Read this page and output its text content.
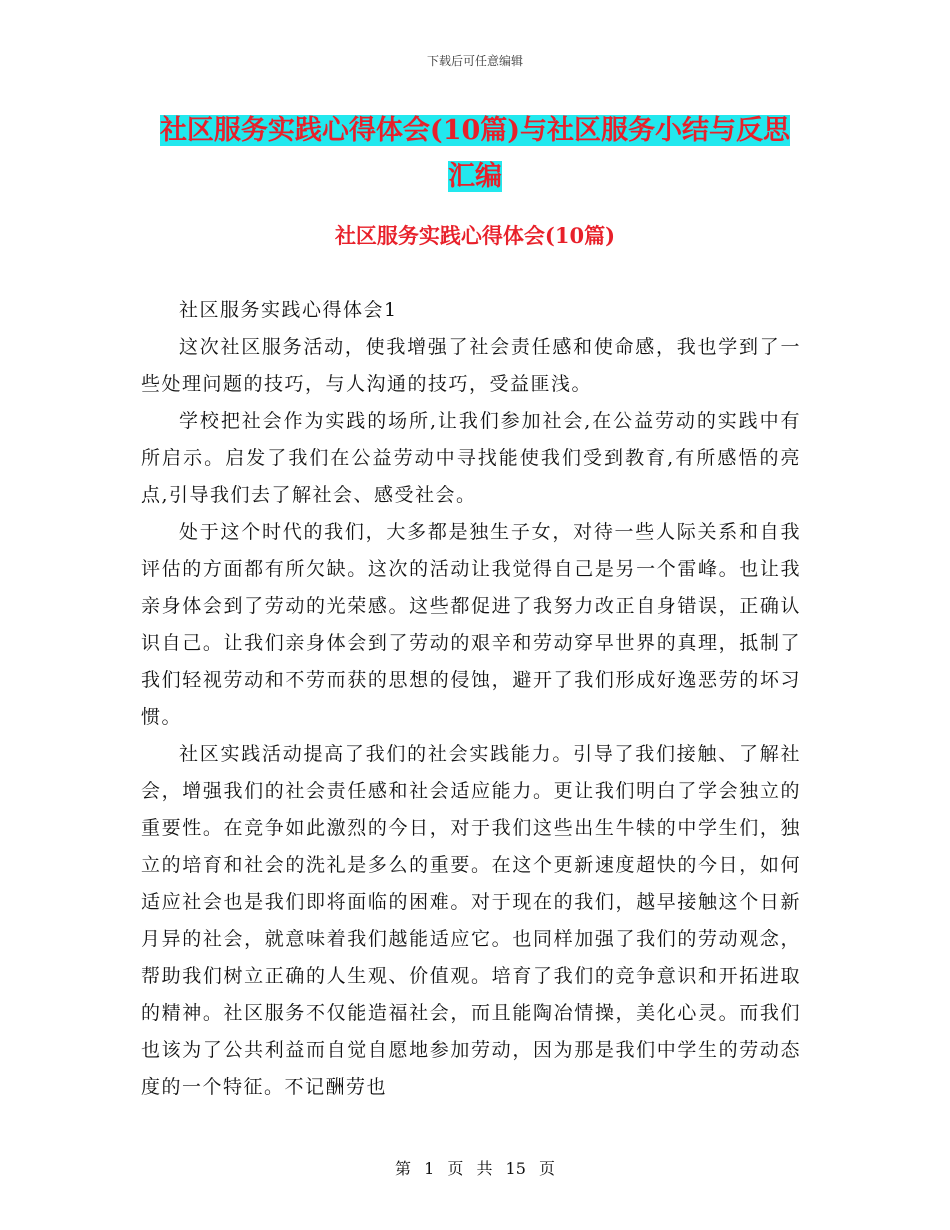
下载后可任意编辑
社区服务实践心得体会(10篇)与社区服务小结与反思
汇编
社区服务实践心得体会(10篇)

社区服务实践心得体会1

这次社区服务活动，使我增强了社会责任感和使命感，我也学到了一些处理问题的技巧，与人沟通的技巧，受益匪浅。

学校把社会作为实践的场所,让我们参加社会,在公益劳动的实践中有所启示。启发了我们在公益劳动中寻找能使我们受到教育,有所感悟的亮点,引导我们去了解社会、感受社会。

处于这个时代的我们，大多都是独生子女，对待一些人际关系和自我评估的方面都有所欠缺。这次的活动让我觉得自己是另一个雷峰。也让我亲身体会到了劳动的光荣感。这些都促进了我努力改正自身错误，正确认识自己。让我们亲身体会到了劳动的艰辛和劳动穿早世界的真理，抵制了我们轻视劳动和不劳而获的思想的侵蚀，避开了我们形成好逸恶劳的坏习惯。

社区实践活动提高了我们的社会实践能力。引导了我们接触、了解社会，增强我们的社会责任感和社会适应能力。更让我们明白了学会独立的重要性。在竞争如此激烈的今日，对于我们这些出生牛犊的中学生们，独立的培育和社会的洗礼是多么的重要。在这个更新速度超快的今日，如何适应社会也是我们即将面临的困难。对于现在的我们，越早接触这个日新月异的社会，就意味着我们越能适应它。也同样加强了我们的劳动观念，帮助我们树立正确的人生观、价值观。培育了我们的竞争意识和开拓进取的精神。社区服务不仅能造福社会，而且能陶冶情操，美化心灵。而我们也该为了公共利益而自觉自愿地参加劳动，因为那是我们中学生的劳动态度的一个特征。不记酬劳也

第 1 页 共 15 页
